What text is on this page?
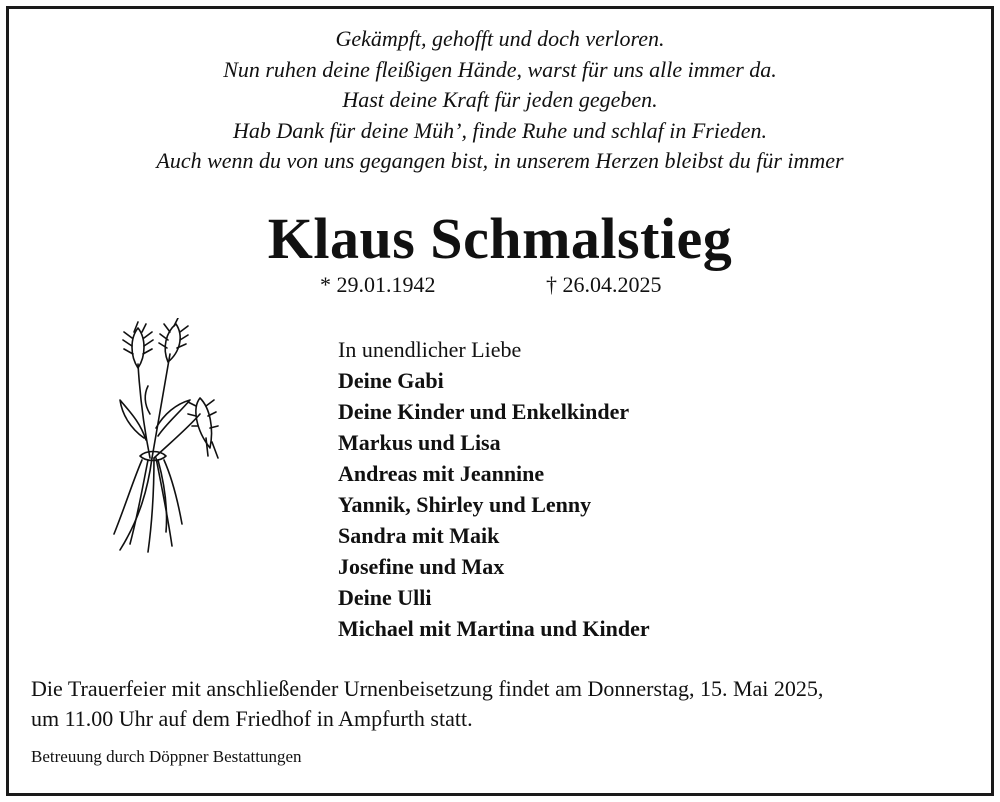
Gekämpft, gehofft und doch verloren.
Nun ruhen deine fleißigen Hände, warst für uns alle immer da.
Hast deine Kraft für jeden gegeben.
Hab Dank für deine Müh’, finde Ruhe und schlaf in Frieden.
Auch wenn du von uns gegangen bist, in unserem Herzen bleibst du für immer
Klaus Schmalstieg
* 29.01.1942	† 26.04.2025
In unendlicher Liebe
Deine Gabi
Deine Kinder und Enkelkinder
Markus und Lisa
Andreas mit Jeannine
Yannik, Shirley und Lenny
Sandra mit Maik
Josefine und Max
Deine Ulli
Michael mit Martina und Kinder
Die Trauerfeier mit anschließender Urnenbeisetzung findet am Donnerstag, 15. Mai 2025,
um 11.00 Uhr auf dem Friedhof in Ampfurth statt.
Betreuung durch Döppner Bestattungen
